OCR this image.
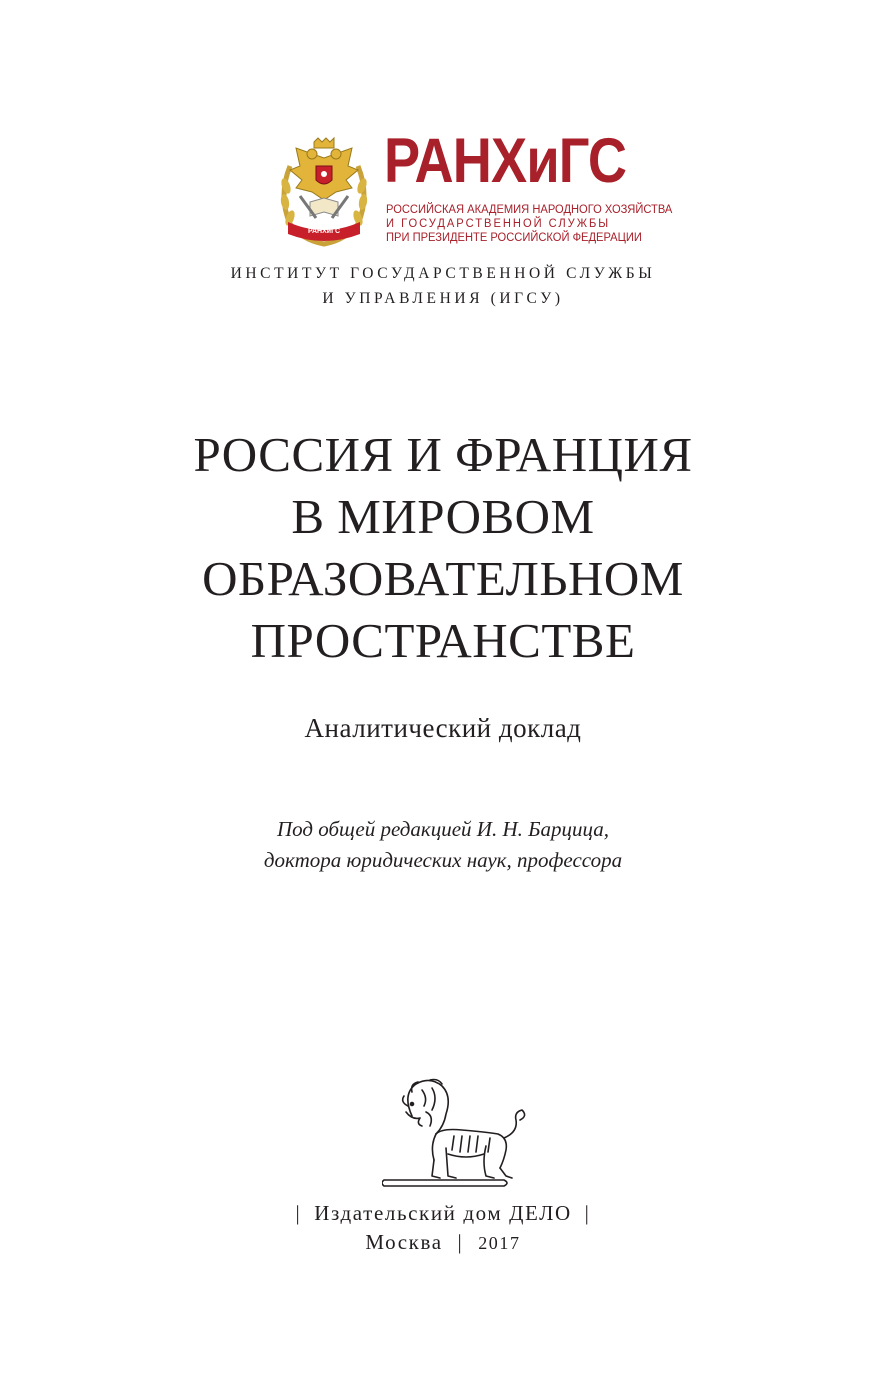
РАНХиГС
РАНХиГС
РОССИЙСКАЯ АКАДЕМИЯ НАРОДНОГО ХОЗЯЙСТВА
И ГОСУДАРСТВЕННОЙ СЛУЖБЫ
ПРИ ПРЕЗИДЕНТЕ РОССИЙСКОЙ ФЕДЕРАЦИИ
ИНСТИТУТ ГОСУДАРСТВЕННОЙ СЛУЖБЫ
И УПРАВЛЕНИЯ (ИГСУ)
РОССИЯ И ФРАНЦИЯ
В МИРОВОМ
ОБРАЗОВАТЕЛЬНОМ
ПРОСТРАНСТВЕ
Аналитический доклад
Под общей редакцией И. Н. Барцица,
доктора юридических наук, профессора
| Издательский дом ДЕЛО |
Москва | 2017
